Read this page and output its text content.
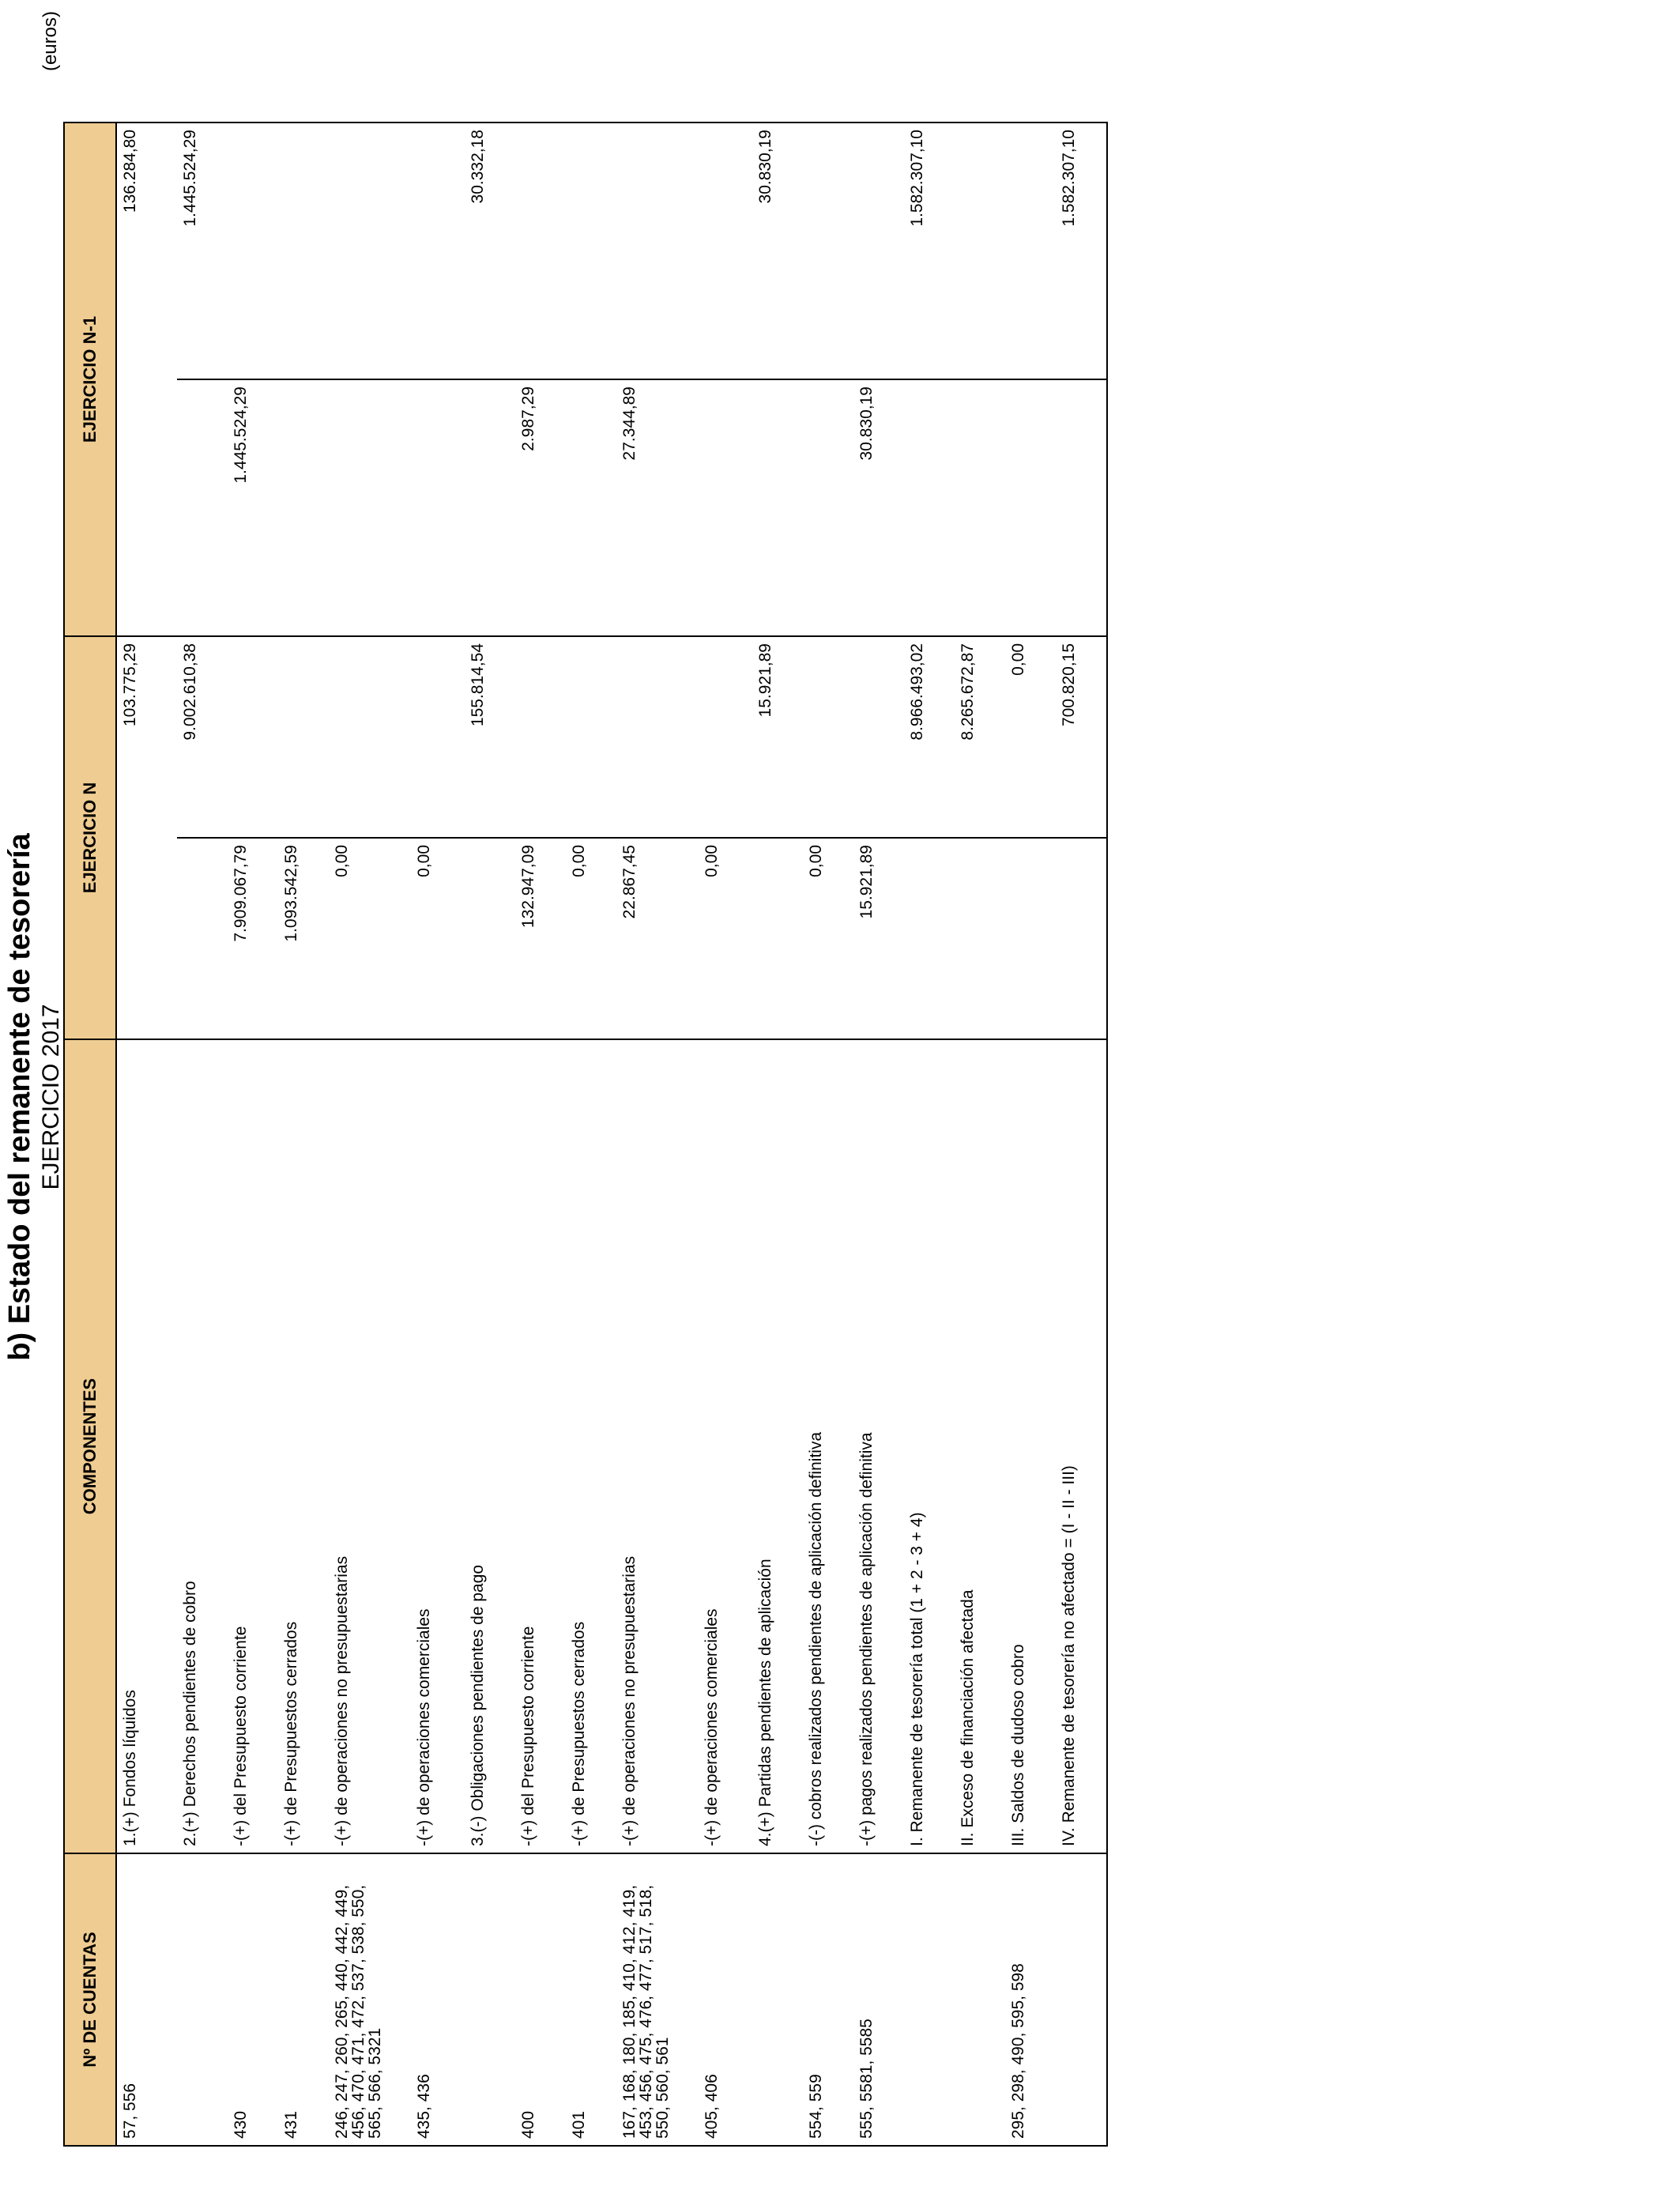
b) Estado del remanente de tesorería EJERCICIO 2017
(euros)
Nº DE CUENTAS	COMPONENTES	EJERCICIO N		EJERCICIO N-1	
57, 556	1.(+) Fondos líquidos		103.775,29		136.284,80
	2.(+) Derechos pendientes de cobro		9.002.610,38		1.445.524,29
430	-(+) del Presupuesto corriente	7.909.067,79		1.445.524,29	
431	-(+) de Presupuestos cerrados	1.093.542,59			
246, 247, 260, 265, 440, 442, 449, 456, 470, 471, 472, 537, 538, 550, 565, 566, 5321	-(+) de operaciones no presupuestarias	0,00			
435, 436	-(+) de operaciones comerciales	0,00			
	3.(-) Obligaciones pendientes de pago		155.814,54		30.332,18
400	-(+) del Presupuesto corriente	132.947,09		2.987,29	
401	-(+) de Presupuestos cerrados	0,00			
167, 168, 180, 185, 410, 412, 419, 453, 456, 475, 476, 477, 517, 518, 550, 560, 561	-(+) de operaciones no presupuestarias	22.867,45		27.344,89	
405, 406	-(+) de operaciones comerciales	0,00			
	4.(+) Partidas pendientes de aplicación		15.921,89		30.830,19
554, 559	-(-) cobros realizados pendientes de aplicación definitiva	0,00			
555, 5581, 5585	-(+) pagos realizados pendientes de aplicación definitiva	15.921,89		30.830,19	
	I. Remanente de tesorería total (1 + 2 - 3 + 4)		8.966.493,02		1.582.307,10
	II. Exceso de financiación afectada		8.265.672,87		
295, 298, 490, 595, 598	III. Saldos de dudoso cobro		0,00		
	IV. Remanente de tesorería no afectado = (I - II - III)		700.820,15		1.582.307,10
